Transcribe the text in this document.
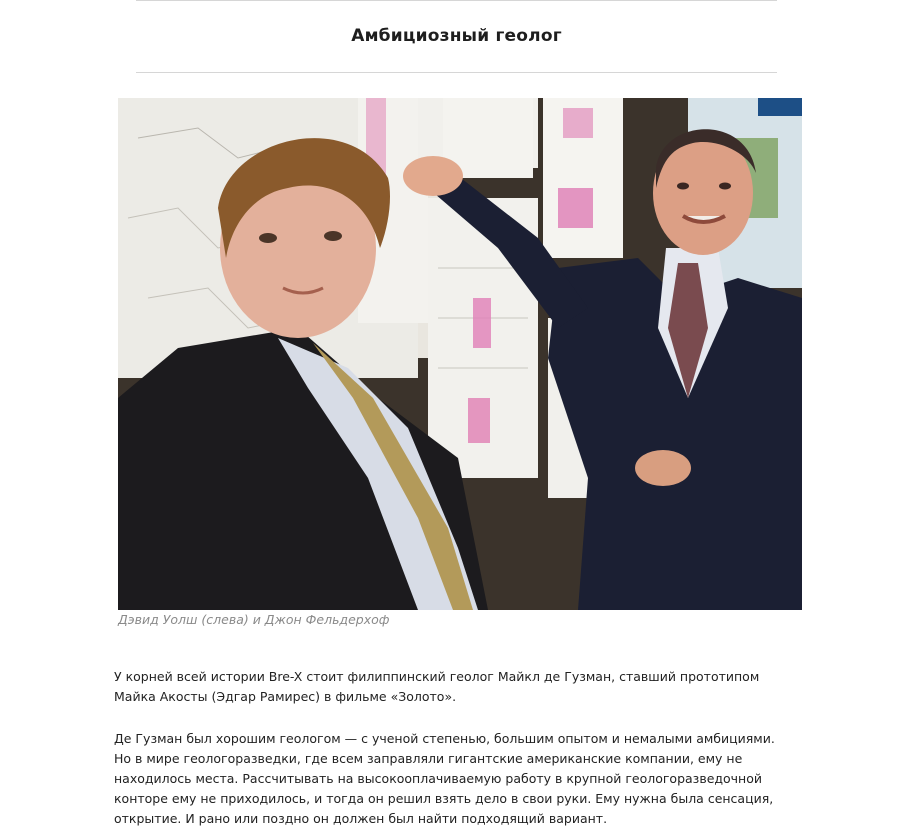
Амбициозный геолог
Дэвид Уолш (слева) и Джон Фельдерхоф

У корней всей истории Bre-X стоит филиппинский геолог Майкл де Гузман, ставший прототипом Майка Акосты (Эдгар Рамирес) в фильме «Золото».

Де Гузман был хорошим геологом — с ученой степенью, большим опытом и немалыми амбициями. Но в мире геологоразведки, где всем заправляли гигантские американские компании, ему не находилось места. Рассчитывать на высокооплачиваемую работу в крупной геологоразведочной конторе ему не приходилось, и тогда он решил взять дело в свои руки. Ему нужна была сенсация, открытие. И рано или поздно он должен был найти подходящий вариант.
